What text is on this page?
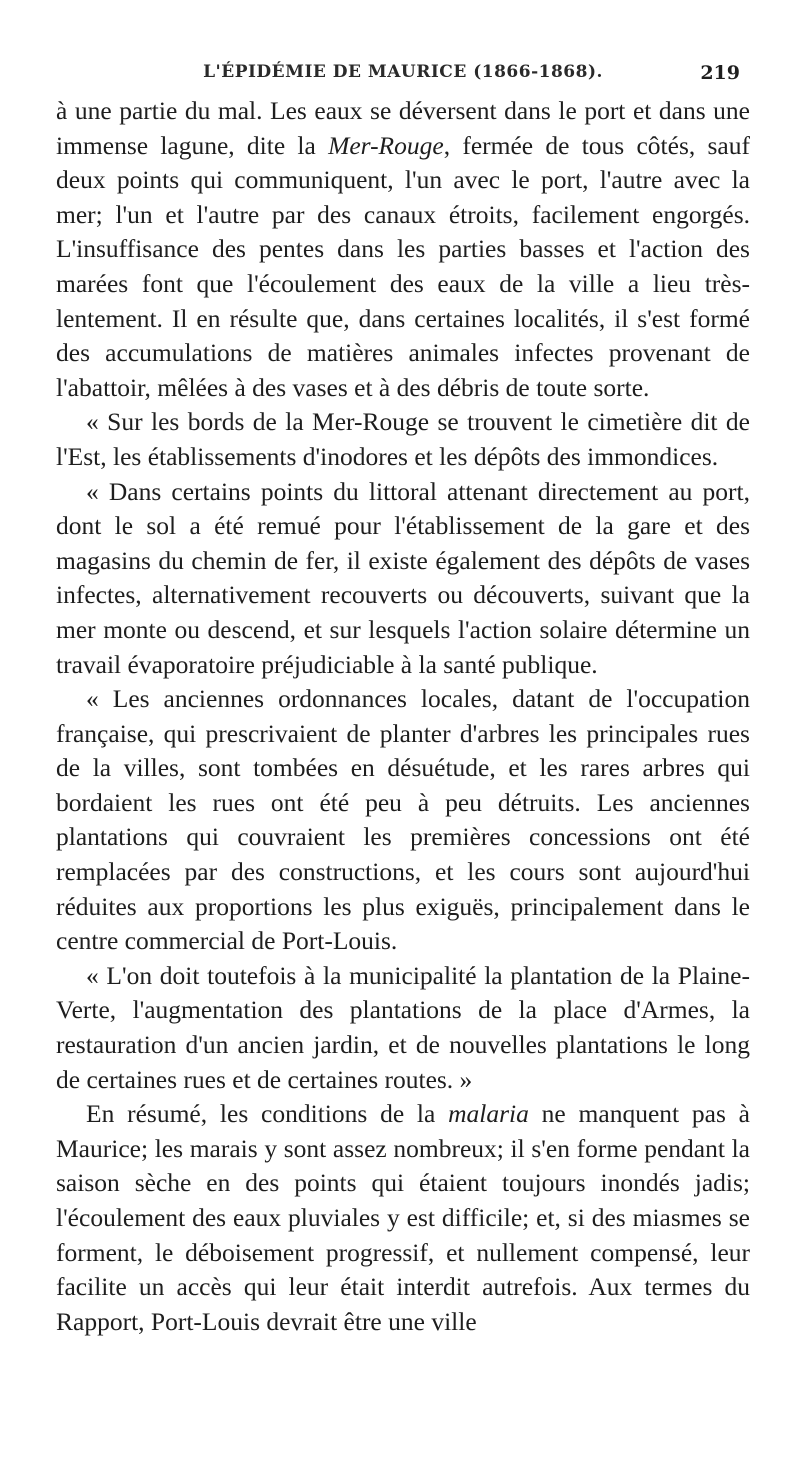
L'ÉPIDÉMIE DE MAURICE (1866-1868).	219

à une partie du mal. Les eaux se déversent dans le port et dans une immense lagune, dite la Mer-Rouge, fermée de tous côtés, sauf deux points qui communiquent, l'un avec le port, l'autre avec la mer; l'un et l'autre par des canaux étroits, facilement engorgés. L'insuffisance des pentes dans les parties basses et l'action des marées font que l'écoulement des eaux de la ville a lieu très-lentement. Il en résulte que, dans certaines localités, il s'est formé des accumulations de matières animales infectes provenant de l'abattoir, mêlées à des vases et à des débris de toute sorte.

« Sur les bords de la Mer-Rouge se trouvent le cimetière dit de l'Est, les établissements d'inodores et les dépôts des immondices.

« Dans certains points du littoral attenant directement au port, dont le sol a été remué pour l'établissement de la gare et des magasins du chemin de fer, il existe également des dépôts de vases infectes, alternativement recouverts ou découverts, suivant que la mer monte ou descend, et sur lesquels l'action solaire détermine un travail évaporatoire préjudiciable à la santé publique.

« Les anciennes ordonnances locales, datant de l'occupation française, qui prescrivaient de planter d'arbres les principales rues de la villes, sont tombées en désuétude, et les rares arbres qui bordaient les rues ont été peu à peu détruits. Les anciennes plantations qui couvraient les premières concessions ont été remplacées par des constructions, et les cours sont aujourd'hui réduites aux proportions les plus exiguës, principalement dans le centre commercial de Port-Louis.

« L'on doit toutefois à la municipalité la plantation de la Plaine-Verte, l'augmentation des plantations de la place d'Armes, la restauration d'un ancien jardin, et de nouvelles plantations le long de certaines rues et de certaines routes. »

En résumé, les conditions de la malaria ne manquent pas à Maurice; les marais y sont assez nombreux; il s'en forme pendant la saison sèche en des points qui étaient toujours inondés jadis; l'écoulement des eaux pluviales y est difficile; et, si des miasmes se forment, le déboisement progressif, et nullement compensé, leur facilite un accès qui leur était interdit autrefois. Aux termes du Rapport, Port-Louis devrait être une ville
